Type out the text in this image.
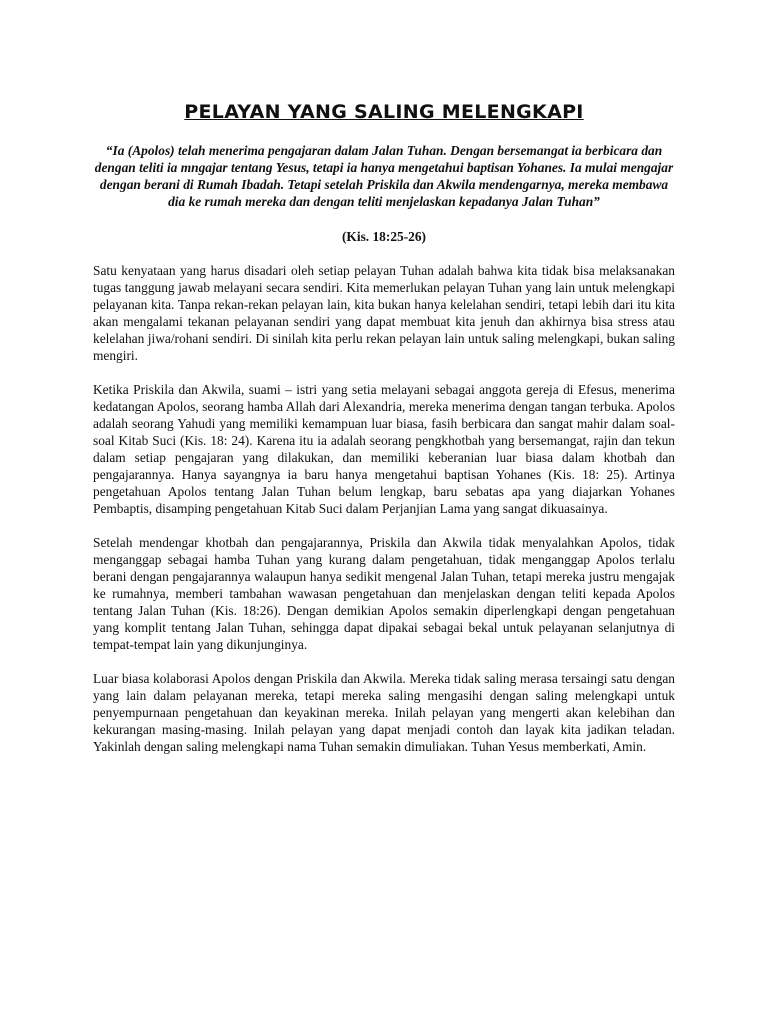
PELAYAN YANG SALING MELENGKAPI

“Ia (Apolos) telah menerima pengajaran dalam Jalan Tuhan. Dengan bersemangat ia berbicara dan dengan teliti ia mngajar tentang Yesus, tetapi ia hanya mengetahui baptisan Yohanes. Ia mulai mengajar dengan berani di Rumah Ibadah. Tetapi setelah Priskila dan Akwila mendengarnya, mereka membawa dia ke rumah mereka dan dengan teliti menjelaskan kepadanya Jalan Tuhan”

(Kis. 18:25-26)

Satu kenyataan yang harus disadari oleh setiap pelayan Tuhan adalah bahwa kita tidak bisa melaksanakan tugas tanggung jawab melayani secara sendiri. Kita memerlukan pelayan Tuhan yang lain untuk melengkapi pelayanan kita. Tanpa rekan-rekan pelayan lain, kita bukan hanya kelelahan sendiri, tetapi lebih dari itu kita akan mengalami tekanan pelayanan sendiri yang dapat membuat kita jenuh dan akhirnya bisa stress atau kelelahan jiwa/rohani sendiri. Di sinilah kita perlu rekan pelayan lain untuk saling melengkapi, bukan saling mengiri.

Ketika Priskila dan Akwila, suami – istri yang setia melayani sebagai anggota gereja di Efesus, menerima kedatangan Apolos, seorang hamba Allah dari Alexandria, mereka menerima dengan tangan terbuka. Apolos adalah seorang Yahudi yang memiliki kemampuan luar biasa, fasih berbicara dan sangat mahir dalam soal-soal Kitab Suci (Kis. 18: 24). Karena itu ia adalah seorang pengkhotbah yang bersemangat, rajin dan tekun dalam setiap pengajaran yang dilakukan, dan memiliki keberanian luar biasa dalam khotbah dan pengajarannya. Hanya sayangnya ia baru hanya mengetahui baptisan Yohanes (Kis. 18: 25). Artinya pengetahuan Apolos tentang Jalan Tuhan belum lengkap, baru sebatas apa yang diajarkan Yohanes Pembaptis, disamping pengetahuan Kitab Suci dalam Perjanjian Lama yang sangat dikuasainya.

Setelah mendengar khotbah dan pengajarannya, Priskila dan Akwila tidak menyalahkan Apolos, tidak menganggap sebagai hamba Tuhan yang kurang dalam pengetahuan, tidak menganggap Apolos terlalu berani dengan pengajarannya walaupun hanya sedikit mengenal Jalan Tuhan, tetapi mereka justru mengajak ke rumahnya, memberi tambahan wawasan pengetahuan dan menjelaskan dengan teliti kepada Apolos tentang Jalan Tuhan (Kis. 18:26). Dengan demikian Apolos semakin diperlengkapi dengan pengetahuan yang komplit tentang Jalan Tuhan, sehingga dapat dipakai sebagai bekal untuk pelayanan selanjutnya di tempat-tempat lain yang dikunjunginya.

Luar biasa kolaborasi Apolos dengan Priskila dan Akwila. Mereka tidak saling merasa tersaingi satu dengan yang lain dalam pelayanan mereka, tetapi mereka saling mengasihi dengan saling melengkapi untuk penyempurnaan pengetahuan dan keyakinan mereka. Inilah pelayan yang mengerti akan kelebihan dan kekurangan masing-masing. Inilah pelayan yang dapat menjadi contoh dan layak kita jadikan teladan. Yakinlah dengan saling melengkapi nama Tuhan semakin dimuliakan. Tuhan Yesus memberkati, Amin.
